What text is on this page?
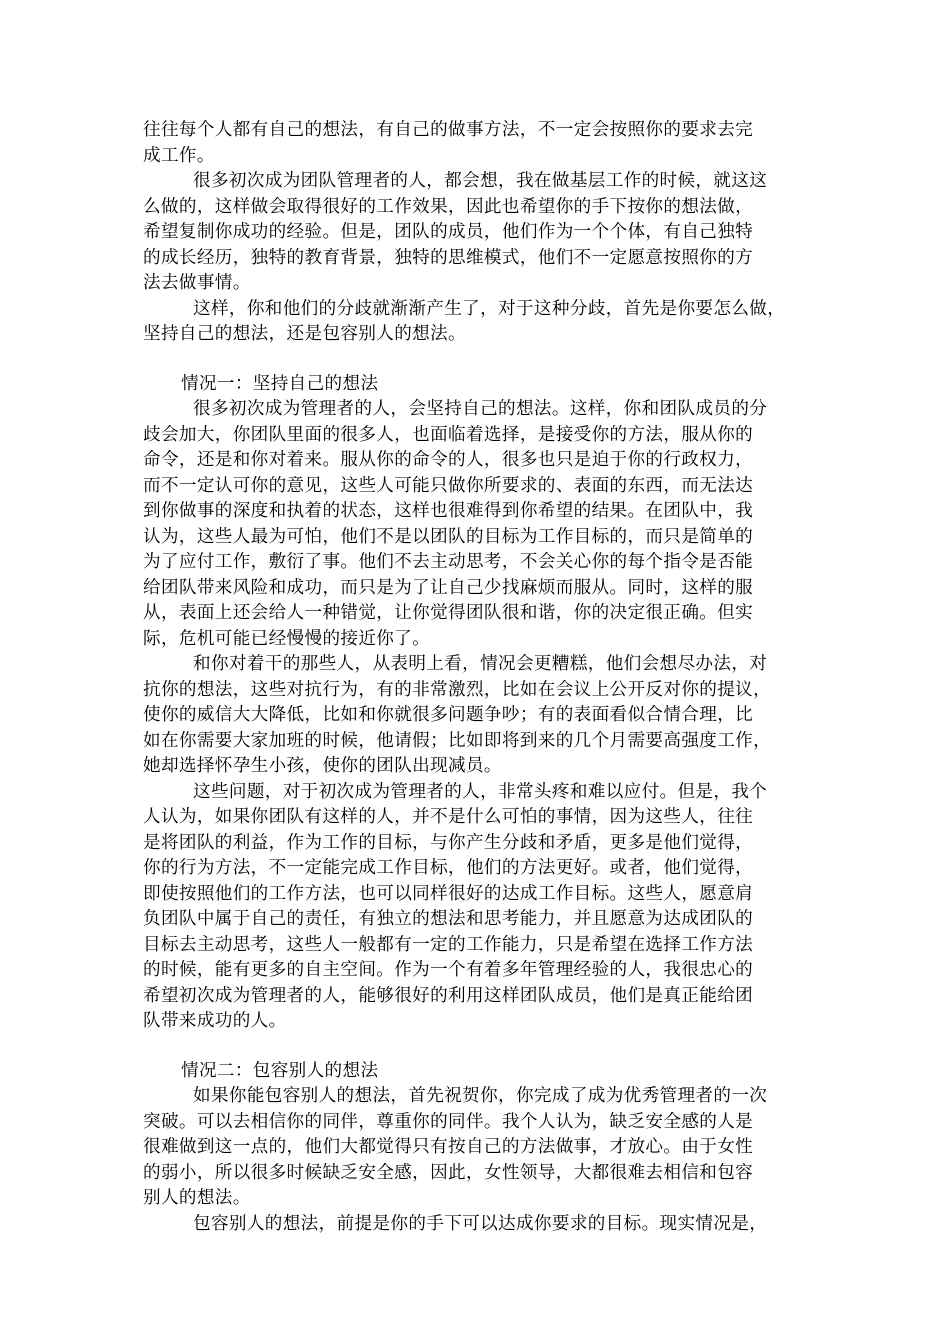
往往每个人都有自己的想法，有自己的做事方法，不一定会按照你的要求去完
成工作。
很多初次成为团队管理者的人，都会想，我在做基层工作的时候，就这这
么做的，这样做会取得很好的工作效果，因此也希望你的手下按你的想法做，
希望复制你成功的经验。但是，团队的成员，他们作为一个个体，有自己独特
的成长经历，独特的教育背景，独特的思维模式，他们不一定愿意按照你的方
法去做事情。
这样，你和他们的分歧就渐渐产生了，对于这种分歧，首先是你要怎么做，
坚持自己的想法，还是包容别人的想法。
情况一：坚持自己的想法
很多初次成为管理者的人，会坚持自己的想法。这样，你和团队成员的分
歧会加大，你团队里面的很多人，也面临着选择，是接受你的方法，服从你的
命令，还是和你对着来。服从你的命令的人，很多也只是迫于你的行政权力，
而不一定认可你的意见，这些人可能只做你所要求的、表面的东西，而无法达
到你做事的深度和执着的状态，这样也很难得到你希望的结果。在团队中，我
认为，这些人最为可怕，他们不是以团队的目标为工作目标的，而只是简单的
为了应付工作，敷衍了事。他们不去主动思考，不会关心你的每个指令是否能
给团队带来风险和成功，而只是为了让自己少找麻烦而服从。同时，这样的服
从，表面上还会给人一种错觉，让你觉得团队很和谐，你的决定很正确。但实
际，危机可能已经慢慢的接近你了。
和你对着干的那些人，从表明上看，情况会更糟糕，他们会想尽办法，对
抗你的想法，这些对抗行为，有的非常激烈，比如在会议上公开反对你的提议，
使你的威信大大降低，比如和你就很多问题争吵；有的表面看似合情合理，比
如在你需要大家加班的时候，他请假；比如即将到来的几个月需要高强度工作，
她却选择怀孕生小孩，使你的团队出现减员。
这些问题，对于初次成为管理者的人，非常头疼和难以应付。但是，我个
人认为，如果你团队有这样的人，并不是什么可怕的事情，因为这些人，往往
是将团队的利益，作为工作的目标，与你产生分歧和矛盾，更多是他们觉得，
你的行为方法，不一定能完成工作目标，他们的方法更好。或者，他们觉得，
即使按照他们的工作方法，也可以同样很好的达成工作目标。这些人，愿意肩
负团队中属于自己的责任，有独立的想法和思考能力，并且愿意为达成团队的
目标去主动思考，这些人一般都有一定的工作能力，只是希望在选择工作方法
的时候，能有更多的自主空间。作为一个有着多年管理经验的人，我很忠心的
希望初次成为管理者的人，能够很好的利用这样团队成员，他们是真正能给团
队带来成功的人。
情况二：包容别人的想法
如果你能包容别人的想法，首先祝贺你，你完成了成为优秀管理者的一次
突破。可以去相信你的同伴，尊重你的同伴。我个人认为，缺乏安全感的人是
很难做到这一点的，他们大都觉得只有按自己的方法做事，才放心。由于女性
的弱小，所以很多时候缺乏安全感，因此，女性领导，大都很难去相信和包容
别人的想法。
包容别人的想法，前提是你的手下可以达成你要求的目标。现实情况是，
